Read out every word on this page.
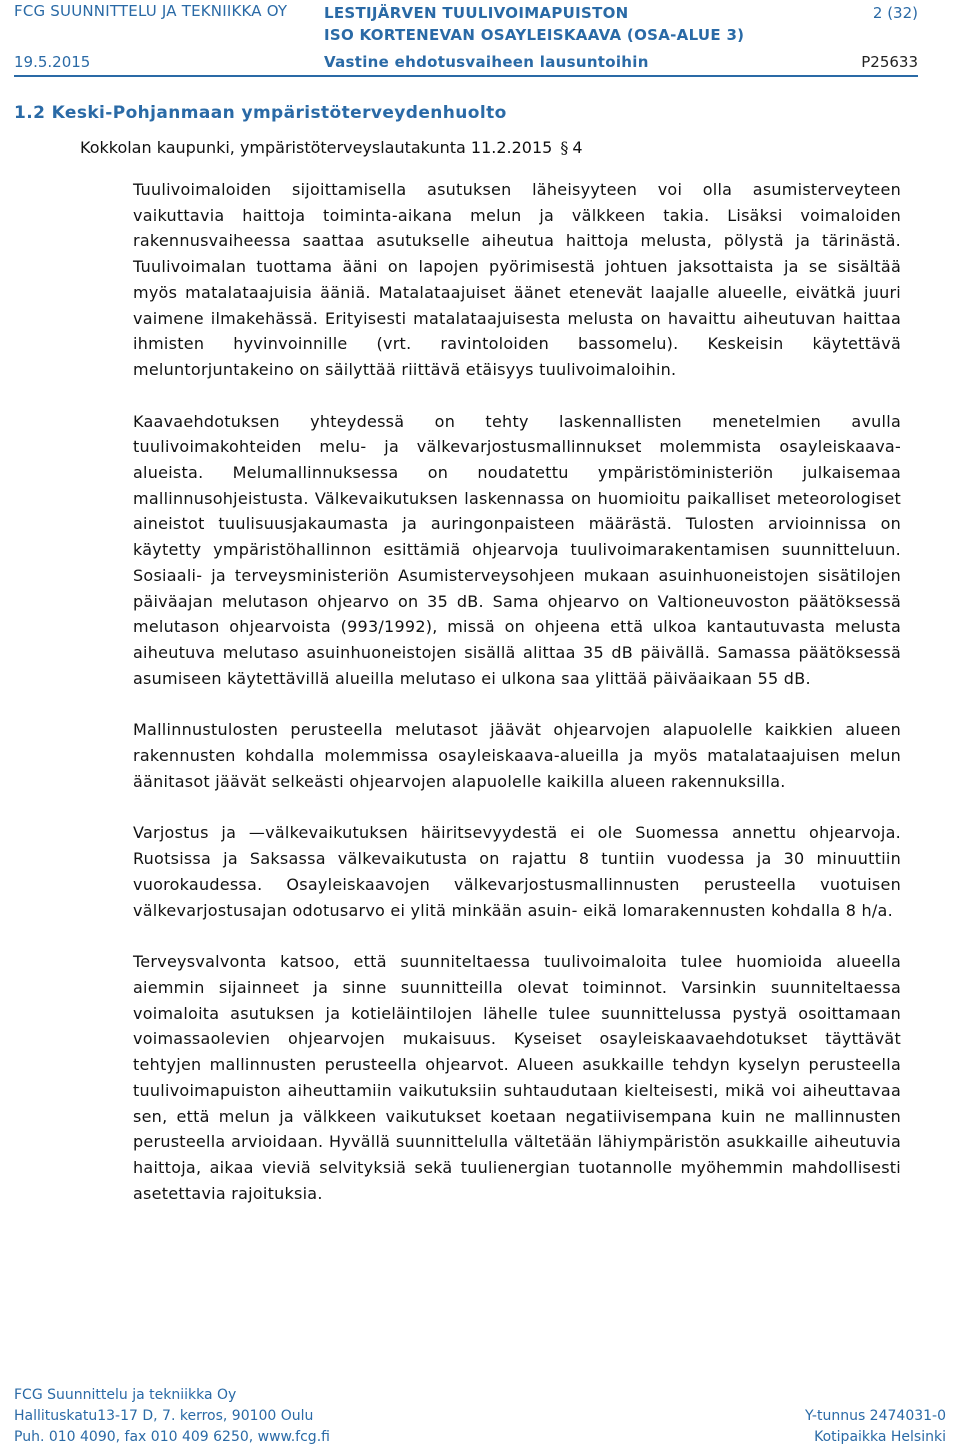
FCG SUUNNITTELU JA TEKNIIKKA OY LESTIJÄRVEN TUULIVOIMAPUISTON
ISO KORTENEVAN OSAYLEISKAAVA (OSA-ALUE 3)
2 (32)
19.5.2015	Vastine ehdotusvaiheen lausuntoihin	P25633
1.2 Keski-Pohjanmaan ympäristöterveydenhuolto
Kokkolan kaupunki, ympäristöterveyslautakunta 11.2.2015 § 4

Tuulivoimaloiden sijoittamisella asutuksen läheisyyteen voi olla asumisterveyteen vaikuttavia haittoja toiminta-aikana melun ja välkkeen takia. Lisäksi voimaloiden rakennusvaiheessa saattaa asutukselle aiheutua haittoja melusta, pölystä ja tärinästä. Tuulivoimalan tuottama ääni on lapojen pyörimisestä johtuen jaksottaista ja se sisältää myös matalataajuisia ääniä. Matalataajuiset äänet etenevät laajalle alueelle, eivätkä juuri vaimene ilmakehässä. Erityisesti matalataajuisesta melusta on havaittu aiheutuvan haittaa ihmisten hyvinvoinnille (vrt. ravintoloiden bassomelu). Keskeisin käytettävä meluntorjuntakeino on säilyttää riittävä etäisyys tuulivoimaloihin.

Kaavaehdotuksen yhteydessä on tehty laskennallisten menetelmien avulla tuulivoimakohteiden melu- ja välkevarjostusmallinnukset molemmista osayleiskaava-alueista. Melumallinnuksessa on noudatettu ympäristöministeriön julkaisemaa mallinnusohjeistusta. Välkevaikutuksen laskennassa on huomioitu paikalliset meteorologiset aineistot tuulisuusjakaumasta ja auringonpaisteen määrästä. Tulosten arvioinnissa on käytetty ympäristöhallinnon esittämiä ohjearvoja tuulivoimarakentamisen suunnitteluun. Sosiaali- ja terveysministeriön Asumisterveysohjeen mukaan asuinhuoneistojen sisätilojen päiväajan melutason ohjearvo on 35 dB. Sama ohjearvo on Valtioneuvoston päätöksessä melutason ohjearvoista (993/1992), missä on ohjeena että ulkoa kantautuvasta melusta aiheutuva melutaso asuinhuoneistojen sisällä alittaa 35 dB päivällä. Samassa päätöksessä asumiseen käytettävillä alueilla melutaso ei ulkona saa ylittää päiväaikaan 55 dB.

Mallinnustulosten perusteella melutasot jäävät ohjearvojen alapuolelle kaikkien alueen rakennusten kohdalla molemmissa osayleiskaava-alueilla ja myös matalataajuisen melun äänitasot jäävät selkeästi ohjearvojen alapuolelle kaikilla alueen rakennuksilla.

Varjostus ja —välkevaikutuksen häiritsevyydestä ei ole Suomessa annettu ohjearvoja. Ruotsissa ja Saksassa välkevaikutusta on rajattu 8 tuntiin vuodessa ja 30 minuuttiin vuorokaudessa. Osayleiskaavojen välkevarjostusmallinnusten perusteella vuotuisen välkevarjostusajan odotusarvo ei ylitä minkään asuin- eikä lomarakennusten kohdalla 8 h/a.

Terveysvalvonta katsoo, että suunniteltaessa tuulivoimaloita tulee huomioida alueella aiemmin sijainneet ja sinne suunnitteilla olevat toiminnot. Varsinkin suunniteltaessa voimaloita asutuksen ja kotieläintilojen lähelle tulee suunnittelussa pystyä osoittamaan voimassaolevien ohjearvojen mukaisuus. Kyseiset osayleiskaavaehdotukset täyttävät tehtyjen mallinnusten perusteella ohjearvot. Alueen asukkaille tehdyn kyselyn perusteella tuulivoimapuiston aiheuttamiin vaikutuksiin suhtaudutaan kielteisesti, mikä voi aiheuttavaa sen, että melun ja välkkeen vaikutukset koetaan negatiivisempana kuin ne mallinnusten perusteella arvioidaan. Hyvällä suunnittelulla vältetään lähiympäristön asukkaille aiheutuvia haittoja, aikaa vieviä selvityksiä sekä tuulienergian tuotannolle myöhemmin mahdollisesti asetettavia rajoituksia.

FCG Suunnittelu ja tekniikka Oy
Hallituskatu13-17 D, 7. kerros, 90100 Oulu	Y-tunnus 2474031-0
Puh. 010 4090, fax 010 409 6250, www.fcg.fi	Kotipaikka Helsinki
